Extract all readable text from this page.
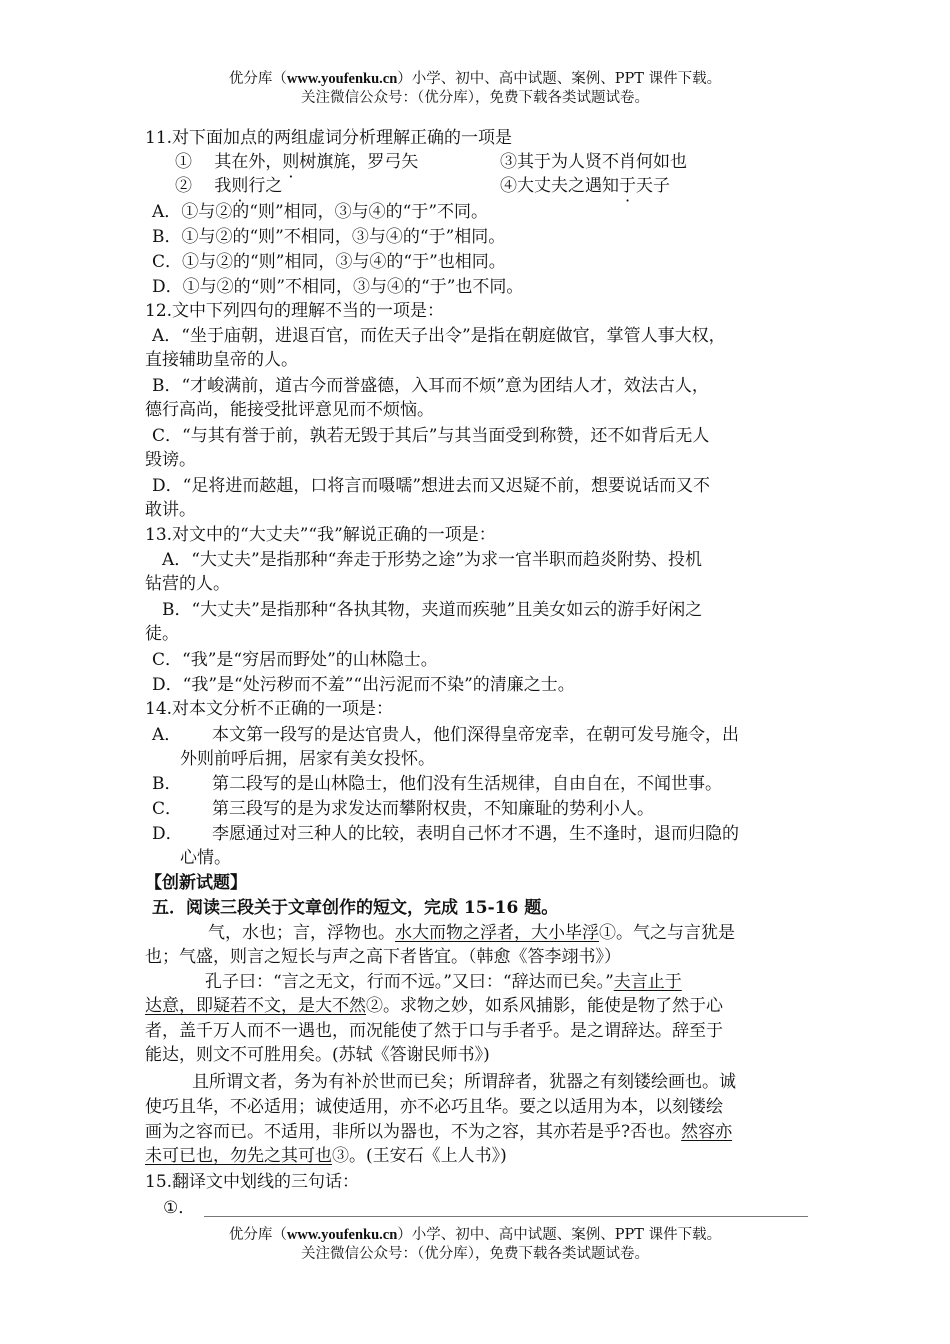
优分库（www.youfenku.cn）小学、初中、高中试题、案例、PPT 课件下载。
关注微信公众号：（优分库），免费下载各类试题试卷。
11.对下面加点的两组虚词分析理解正确的一项是
①　 其在外，则树旗旄，罗弓矢	③其于为人贤不肖何如也
②　 我则行之	④大丈夫之遇知于天子
A．①与②的“则”相同，③与④的“于”不同。
B．①与②的“则”不相同，③与④的“于”相同。
C．①与②的“则”相同，③与④的“于”也相同。
D．①与②的“则”不相同，③与④的“于”也不同。
12.文中下列四句的理解不当的一项是：
A．“坐于庙朝，进退百官，而佐天子出令”是指在朝庭做官，掌管人事大权，
直接辅助皇帝的人。
B．“才峻满前，道古今而誉盛德，入耳而不烦”意为团结人才，效法古人，
德行高尚，能接受批评意见而不烦恼。
C．“与其有誉于前，孰若无毁于其后”与其当面受到称赞，还不如背后无人
毁谤。
D．“足将进而趑趄，口将言而嗫嚅”想进去而又迟疑不前，想要说话而又不
敢讲。
13.对文中的“大丈夫”“我”解说正确的一项是：
A．“大丈夫”是指那种“奔走于形势之途”为求一官半职而趋炎附势、投机
钻营的人。
B．“大丈夫”是指那种“各执其物，夹道而疾驰”且美女如云的游手好闲之
徒。
C．“我”是“穷居而野处”的山林隐士。
D．“我”是“处污秽而不羞”“出污泥而不染”的清廉之士。
14.对本文分析不正确的一项是：
A． 本文第一段写的是达官贵人，他们深得皇帝宠幸，在朝可发号施令，出
外则前呼后拥，居家有美女投怀。
B． 第二段写的是山林隐士，他们没有生活规律，自由自在，不闻世事。
C． 第三段写的是为求发达而攀附权贵，不知廉耻的势利小人。
D． 李愿通过对三种人的比较，表明自己怀才不遇，生不逢时，退而归隐的
心情。
【创新试题】
五．阅读三段关于文章创作的短文，完成 15-16 题。
气，水也；言，浮物也。水大而物之浮者，大小毕浮①。气之与言犹是
也；气盛，则言之短长与声之高下者皆宜。（韩愈《答李翊书》）
孔子曰：“言之无文，行而不远。”又曰：“辞达而已矣。”夫言止于
达意，即疑若不文，是大不然②。求物之妙，如系风捕影，能使是物了然于心
者，盖千万人而不一遇也，而况能使了然于口与手者乎。是之谓辞达。辞至于
能达，则文不可胜用矣。(苏轼《答谢民师书》)
且所谓文者，务为有补於世而已矣；所谓辞者，犹器之有刻镂绘画也。诚
使巧且华，不必适用；诚使适用，亦不必巧且华。要之以适用为本，以刻镂绘
画为之容而已。不适用，非所以为器也，不为之容，其亦若是乎?否也。然容亦
未可已也，勿先之其可也③。(王安石《上人书》)
15.翻译文中划线的三句话：
①．
优分库（www.youfenku.cn）小学、初中、高中试题、案例、PPT 课件下载。
关注微信公众号：（优分库），免费下载各类试题试卷。
